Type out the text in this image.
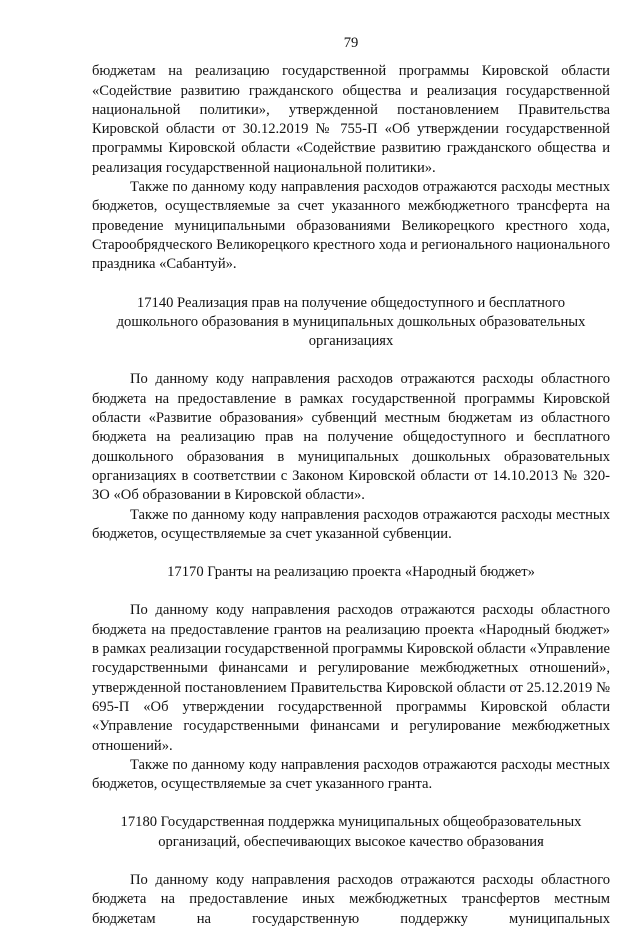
79

бюджетам на реализацию государственной программы Кировской области «Содействие развитию гражданского общества и реализация государственной национальной политики», утвержденной постановлением Правительства Кировской области от 30.12.2019 № 755-П «Об утверждении государственной программы Кировской области «Содействие развитию гражданского общества и реализация государственной национальной политики».

Также по данному коду направления расходов отражаются расходы местных бюджетов, осуществляемые за счет указанного межбюджетного трансферта на проведение муниципальными образованиями Великорецкого крестного хода, Старообрядческого Великорецкого крестного хода и регионального национального праздника «Сабантуй».

17140 Реализация прав на получение общедоступного и бесплатного
дошкольного образования в муниципальных дошкольных образовательных
организациях

По данному коду направления расходов отражаются расходы областного бюджета на предоставление в рамках государственной программы Кировской области «Развитие образования» субвенций местным бюджетам из областного бюджета на реализацию прав на получение общедоступного и бесплатного дошкольного образования в муниципальных дошкольных образовательных организациях в соответствии с Законом Кировской области от 14.10.2013 № 320-ЗО «Об образовании в Кировской области».

Также по данному коду направления расходов отражаются расходы местных бюджетов, осуществляемые за счет указанной субвенции.

17170 Гранты на реализацию проекта «Народный бюджет»

По данному коду направления расходов отражаются расходы областного бюджета на предоставление грантов на реализацию проекта «Народный бюджет» в рамках реализации государственной программы Кировской области «Управление государственными финансами и регулирование межбюджетных отношений», утвержденной постановлением Правительства Кировской области от 25.12.2019 № 695-П «Об утверждении государственной программы Кировской области «Управление государственными финансами и регулирование межбюджетных отношений».

Также по данному коду направления расходов отражаются расходы местных бюджетов, осуществляемые за счет указанного гранта.

17180 Государственная поддержка муниципальных общеобразовательных
организаций, обеспечивающих высокое качество образования

По данному коду направления расходов отражаются расходы областного бюджета на предоставление иных межбюджетных трансфертов местным бюджетам на государственную поддержку муниципальных
